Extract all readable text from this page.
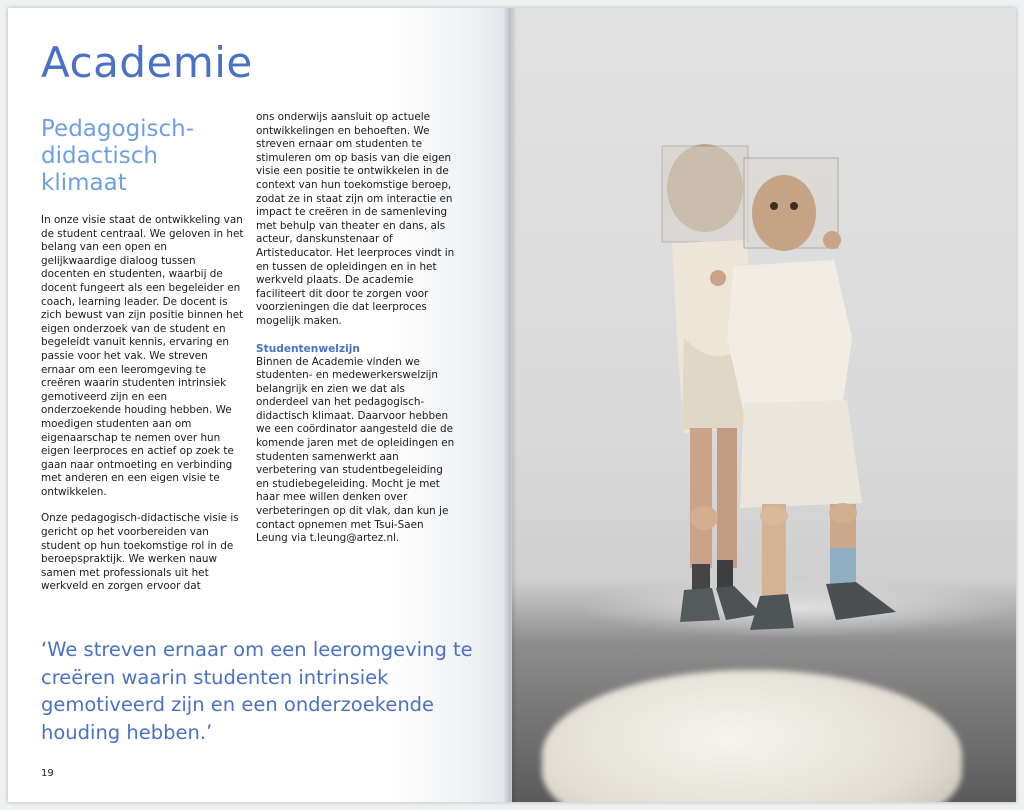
Academie
Pedagogisch-didactisch klimaat

In onze visie staat de ontwikkeling van de student centraal. We geloven in het belang van een open en gelijkwaardige dialoog tussen docenten en studenten, waarbij de docent fungeert als een begeleider en coach, learning leader. De docent is zich bewust van zijn positie binnen het eigen onderzoek van de student en begeleidt vanuit kennis, ervaring en passie voor het vak. We streven ernaar om een leeromgeving te creëren waarin studenten intrinsiek gemotiveerd zijn en een onderzoekende houding hebben. We moedigen studenten aan om eigenaarschap te nemen over hun eigen leerproces en actief op zoek te gaan naar ontmoeting en verbinding met anderen en een eigen visie te ontwikkelen.

Onze pedagogisch-didactische visie is gericht op het voorbereiden van student op hun toekomstige rol in de beroepspraktijk. We werken nauw samen met professionals uit het werkveld en zorgen ervoor dat

ons onderwijs aansluit op actuele ontwikkelingen en behoeften. We streven ernaar om studenten te stimuleren om op basis van die eigen visie een positie te ontwikkelen in de context van hun toekomstige beroep, zodat ze in staat zijn om interactie en impact te creëren in de samenleving met behulp van theater en dans, als acteur, danskunstenaar of Artisteducator. Het leerproces vindt in en tussen de opleidingen en in het werkveld plaats. De academie faciliteert dit door te zorgen voor voorzieningen die dat leerproces mogelijk maken.

Studentenwelzijn

Binnen de Academie vinden we studenten- en medewerkerswelzijn belangrijk en zien we dat als onderdeel van het pedagogisch-didactisch klimaat. Daarvoor hebben we een coördinator aangesteld die de komende jaren met de opleidingen en studenten samenwerkt aan verbetering van studentbegeleiding en studiebegeleiding. Mocht je met haar mee willen denken over verbeteringen op dit vlak, dan kun je contact opnemen met Tsui-Saen Leung via t.leung@artez.nl.

‘We streven ernaar om een leeromgeving te creëren waarin studenten intrinsiek gemotiveerd zijn en een onderzoekende houding hebben.’

19
